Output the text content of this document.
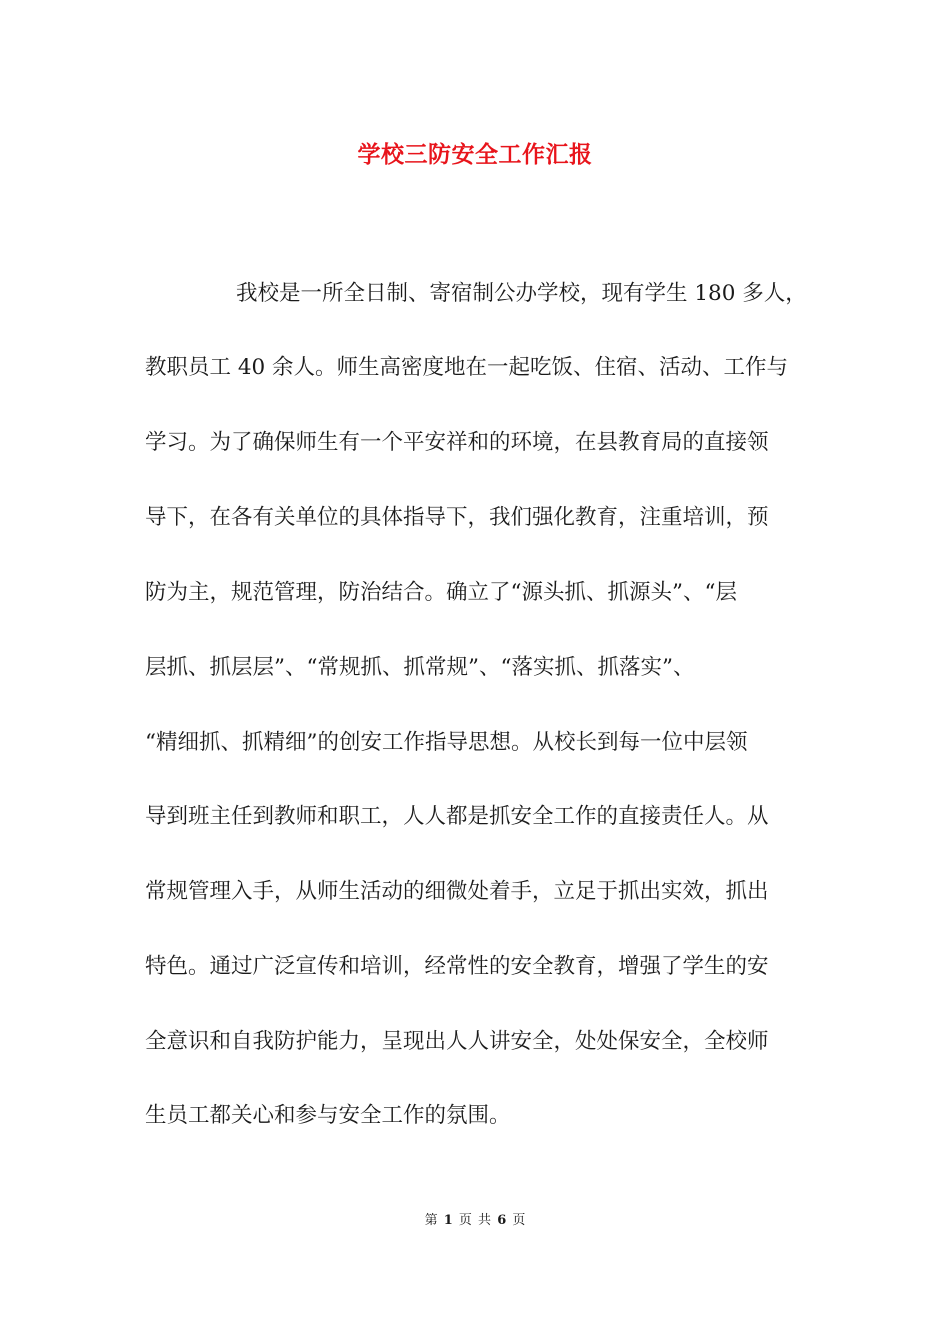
学校三防安全工作汇报
我校是一所全日制、寄宿制公办学校，现有学生 180 多人，
教职员工 40 余人。师生高密度地在一起吃饭、住宿、活动、工作与
学习。为了确保师生有一个平安祥和的环境，在县教育局的直接领
导下，在各有关单位的具体指导下，我们强化教育，注重培训，预
防为主，规范管理，防治结合。确立了“源头抓、抓源头”、“层
层抓、抓层层”、“常规抓、抓常规”、“落实抓、抓落实”、
“精细抓、抓精细”的创安工作指导思想。从校长到每一位中层领
导到班主任到教师和职工，人人都是抓安全工作的直接责任人。从
常规管理入手，从师生活动的细微处着手，立足于抓出实效，抓出
特色。通过广泛宣传和培训，经常性的安全教育，增强了学生的安
全意识和自我防护能力，呈现出人人讲安全，处处保安全，全校师
生员工都关心和参与安全工作的氛围。
第 1 页 共 6 页
